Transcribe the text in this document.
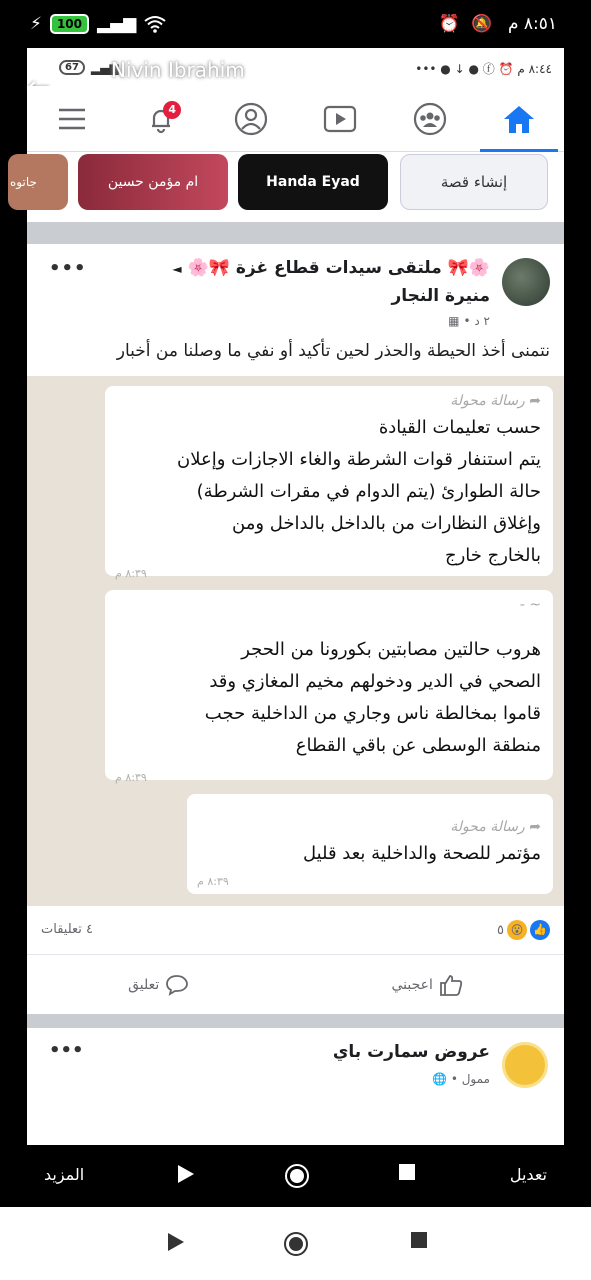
⚡	100 ▂▄▆	٨:٥١ م 🔕 ⏰
67	▂▄▆
Nivin Ibrahim	٨:٤٤ م ⏰ ⓕ ● ↓ ● •••
4
إنشاء قصة
Handa Eyad
ام مؤمن حسين
جاتوه
🌸🎀 ملتقى سيدات قطاع غزة 🎀🌸 ◄
منيرة النجار
٢ د •
▦
•••
نتمنى أخذ الحيطة والحذر لحين تأكيد أو نفي ما وصلنا من أخبار
➦ رسالة محولة
حسب تعليمات القيادة
يتم استنفار قوات الشرطة والغاء الاجازات وإعلان
حالة الطوارئ (يتم الدوام في مقرات الشرطة)
وإغلاق النظارات من بالداخل بالداخل ومن
بالخارج خارج
٨:٣٩ م
~ -
هروب حالتين مصابتين بكورونا من الحجر
الصحي في الدير ودخولهم مخيم المغازي وقد
قاموا بمخالطة ناس وجاري من الداخلية حجب
منطقة الوسطى عن باقي القطاع
٨:٣٩ م
➦ رسالة محولة
مؤتمر للصحة والداخلية بعد قليل
٨:٣٩ م
👍
😮
٥
٤ تعليقات
اعجبني
تعليق
عروض سمارت باي
ممول • 🌐
•••
المزيد	تعديل
